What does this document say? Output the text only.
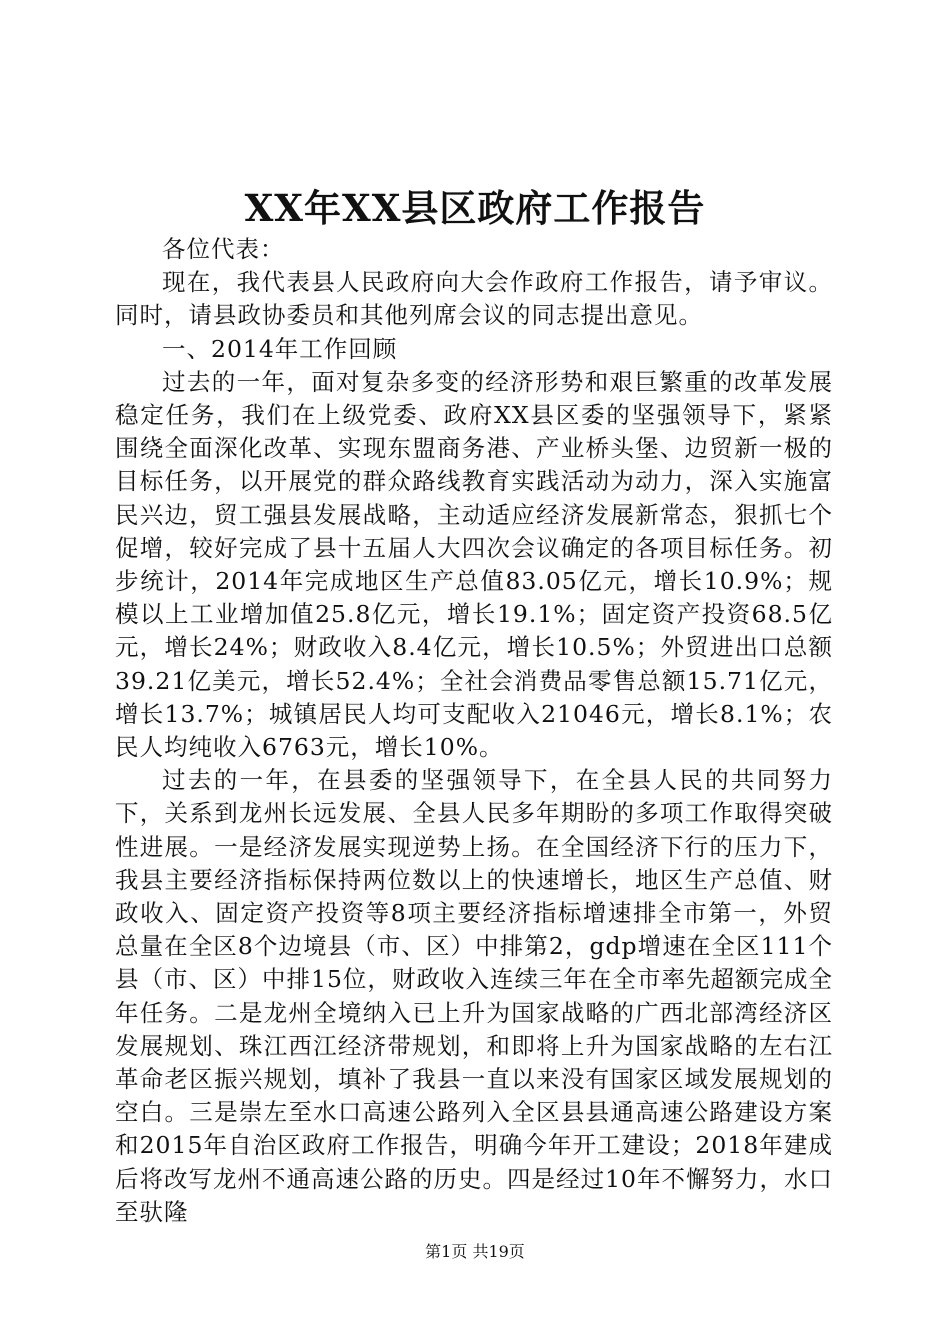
XX年XX县区政府工作报告

各位代表：

现在，我代表县人民政府向大会作政府工作报告，请予审议。同时，请县政协委员和其他列席会议的同志提出意见。

一、2014年工作回顾

过去的一年，面对复杂多变的经济形势和艰巨繁重的改革发展稳定任务，我们在上级党委、政府XX县区委的坚强领导下，紧紧围绕全面深化改革、实现东盟商务港、产业桥头堡、边贸新一极的目标任务，以开展党的群众路线教育实践活动为动力，深入实施富民兴边，贸工强县发展战略，主动适应经济发展新常态，狠抓七个促增，较好完成了县十五届人大四次会议确定的各项目标任务。初步统计，2014年完成地区生产总值83.05亿元，增长10.9%；规模以上工业增加值25.8亿元，增长19.1%；固定资产投资68.5亿元，增长24%；财政收入8.4亿元，增长10.5%；外贸进出口总额39.21亿美元，增长52.4%；全社会消费品零售总额15.71亿元，增长13.7%；城镇居民人均可支配收入21046元，增长8.1%；农民人均纯收入6763元，增长10%。

过去的一年，在县委的坚强领导下，在全县人民的共同努力下，关系到龙州长远发展、全县人民多年期盼的多项工作取得突破性进展。一是经济发展实现逆势上扬。在全国经济下行的压力下，我县主要经济指标保持两位数以上的快速增长，地区生产总值、财政收入、固定资产投资等8项主要经济指标增速排全市第一，外贸总量在全区8个边境县（市、区）中排第2，gdp增速在全区111个县（市、区）中排15位，财政收入连续三年在全市率先超额完成全年任务。二是龙州全境纳入已上升为国家战略的广西北部湾经济区发展规划、珠江西江经济带规划，和即将上升为国家战略的左右江革命老区振兴规划，填补了我县一直以来没有国家区域发展规划的空白。三是崇左至水口高速公路列入全区县县通高速公路建设方案和2015年自治区政府工作报告，明确今年开工建设；2018年建成后将改写龙州不通高速公路的历史。四是经过10年不懈努力，水口至驮隆

第1页 共19页
